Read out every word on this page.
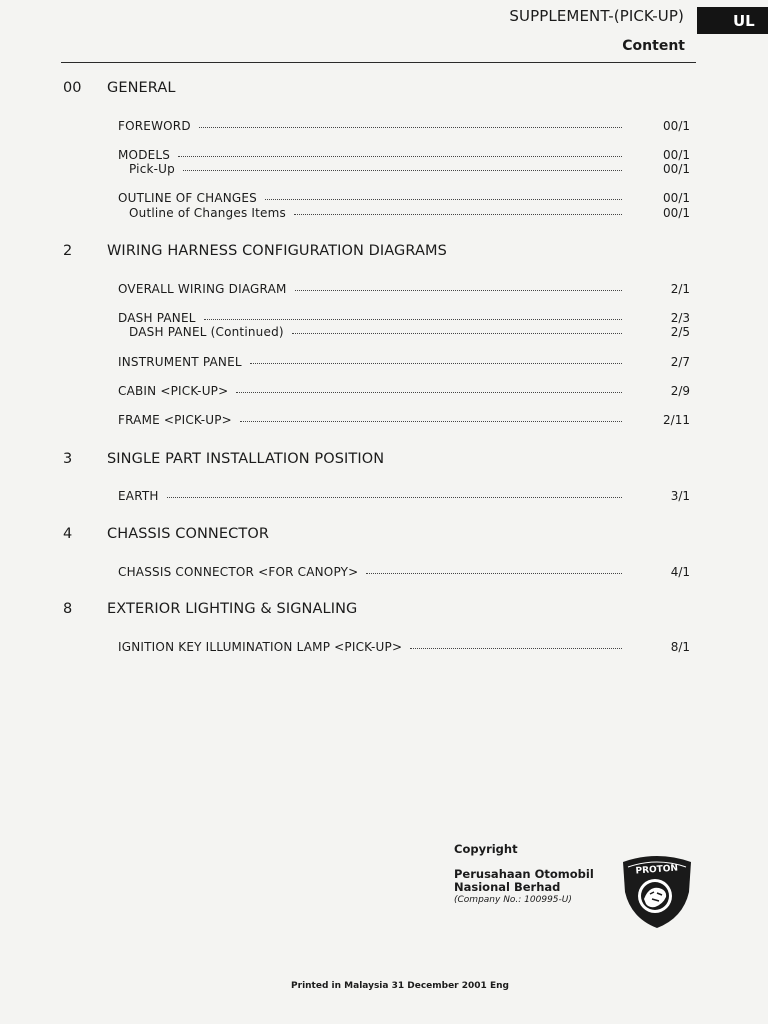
SUPPLEMENT-(PICK-UP)	UL
Content
00 GENERAL
FOREWORD	00/1
MODELS	00/1
Pick-Up	00/1
OUTLINE OF CHANGES	00/1
Outline of Changes Items	00/1
2 WIRING HARNESS CONFIGURATION DIAGRAMS
OVERALL WIRING DIAGRAM	2/1
DASH PANEL	2/3
DASH PANEL (Continued)	2/5
INSTRUMENT PANEL	2/7
CABIN <PICK-UP>	2/9
FRAME <PICK-UP>	2/11
3 SINGLE PART INSTALLATION POSITION
EARTH	3/1
4 CHASSIS CONNECTOR
CHASSIS CONNECTOR <FOR CANOPY>	4/1
8 EXTERIOR LIGHTING & SIGNALING
IGNITION KEY ILLUMINATION LAMP <PICK-UP>	8/1
Copyright
Perusahaan Otomobil
Nasional Berhad
(Company No.: 100995-U)
PROTON
Printed in Malaysia 31 December 2001 Eng
